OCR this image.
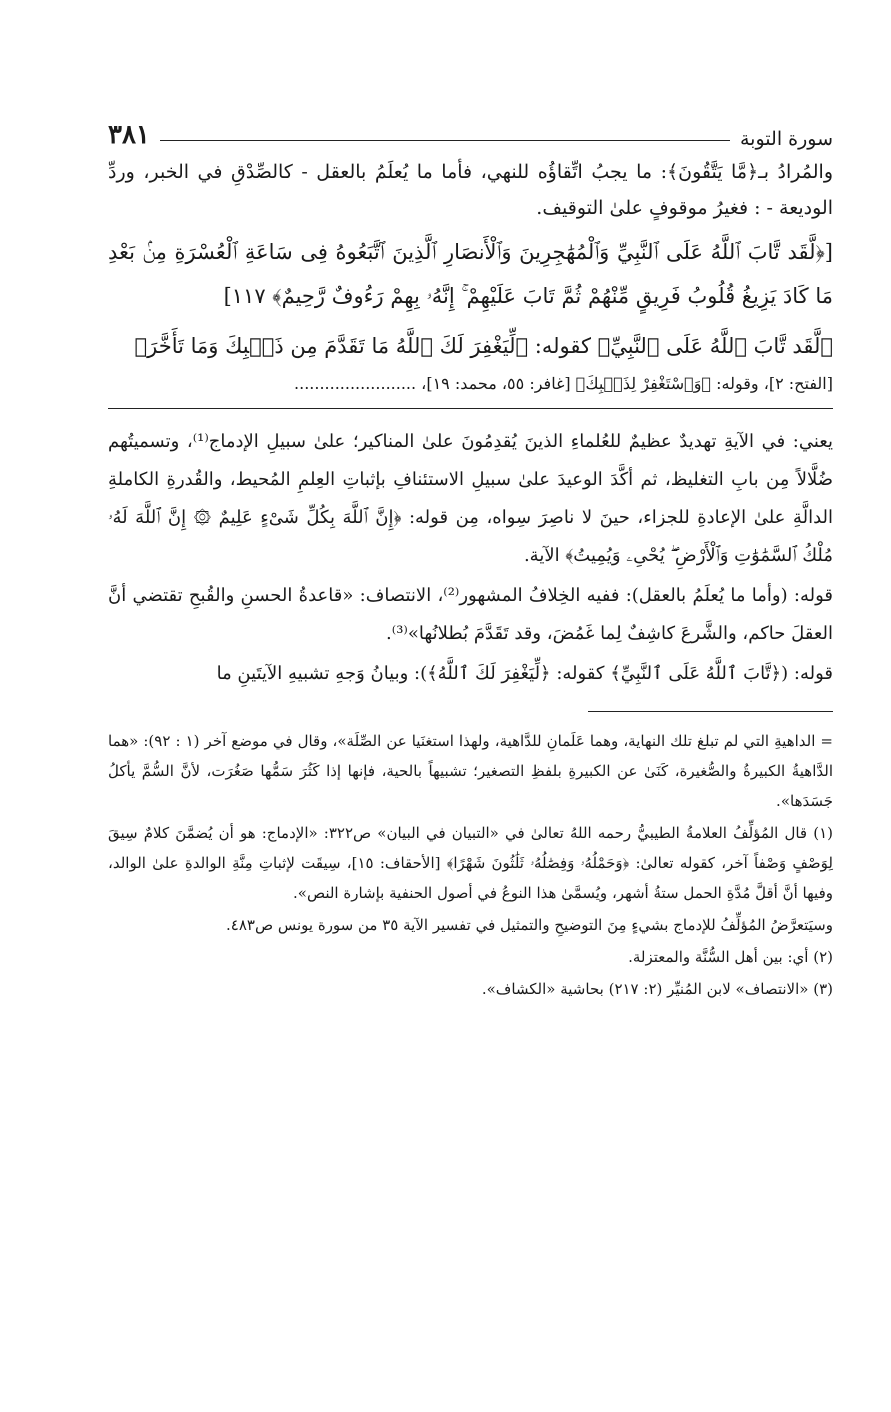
سورة التوبة
٣٨١

والمُرادُ بـ﴿مَّا يَتَّقُونَ﴾: ما يجبُ اتِّقاؤُه للنهي، فأما ما يُعلَمُ بالعقل - كالصِّدْقِ في الخبر، وردِّ الوديعة - : فغيرُ موقوفٍ علىٰ التوقيف.

[﴿لَّقَد تَّابَ ٱللَّهُ عَلَى ٱلنَّبِيِّ وَٱلْمُهَٰجِرِينَ وَٱلْأَنصَارِ ٱلَّذِينَ ٱتَّبَعُوهُ فِى سَاعَةِ ٱلْعُسْرَةِ مِنۢ بَعْدِ مَا كَادَ يَزِيغُ قُلُوبُ فَرِيقٍ مِّنْهُمْ ثُمَّ تَابَ عَلَيْهِمْ ۚ إِنَّهُۥ بِهِمْ رَءُوفٌ رَّحِيمٌ﴾ ١١٧]

﴿لَّقَد تَّابَ ٱللَّهُ عَلَى ٱلنَّبِيِّ﴾ كقوله: ﴿لِّيَغْفِرَ لَكَ ٱللَّهُ مَا تَقَدَّمَ مِن ذَنۢبِكَ وَمَا تَأَخَّرَ﴾

[الفتح: ٢]، وقوله: ﴿وَٱسْتَغْفِرْ لِذَنۢبِكَ﴾ [غافر: ٥٥، محمد: ١٩]، ........................

يعني: في الآيةِ تهديدٌ عظيمٌ للعُلماءِ الذينَ يُقدِمُونَ علىٰ المناكير؛ علىٰ سبيلِ الإدماج⁽¹⁾، وتسميتُهم ضُلَّالاً مِن بابِ التغليظ، ثم أكَّدَ الوعيدَ علىٰ سبيلِ الاستئنافِ بإثباتِ العِلمِ المُحيط، والقُدرةِ الكاملةِ الدالَّةِ علىٰ الإعادةِ للجزاء، حينَ لا ناصِرَ سِواه، مِن قوله: ﴿إِنَّ ٱللَّهَ بِكُلِّ شَىْءٍ عَلِيمٌ ۞ إِنَّ ٱللَّهَ لَهُۥ مُلْكُ ٱلسَّمَٰوَٰتِ وَٱلْأَرْضِ ۖ يُحْىِۦ وَيُمِيتُ﴾ الآية.

قوله: (وأما ما يُعلَمُ بالعقل): ففيه الخِلافُ المشهور⁽²⁾، الانتصاف: «قاعدةُ الحسنِ والقُبحِ تقتضي أنَّ العقلَ حاكم، والشَّرعَ كاشِفٌ لِما غَمُضَ، وقد تَقَدَّمَ بُطلانُها»⁽³⁾.

قوله: (﴿تَّابَ ٱللَّهُ عَلَى ٱلنَّبِيِّ﴾ كقوله: ﴿لِّيَغْفِرَ لَكَ ٱللَّهُ﴾): وبيانُ وَجهِ تشبيهِ الآيتَينِ ما

= الداهيةِ التي لم تبلغ تلك النهاية، وهما عَلَمانِ للدَّاهية، ولهذا استغنَيا عن الصِّلَة»، وقال في موضع آخر (١ : ٩٢): «هما الدَّاهيةُ الكبيرةُ والصُّغيرة، كَنَىٰ عن الكبيرةِ بلفظِ التصغير؛ تشبيهاً بالحية، فإنها إذا كَثُرَ سَمُّها صَغُرَت، لأنَّ السُّمَّ يأكلُ جَسَدَها».

(١) قال المُؤلِّفُ العلامةُ الطيبيُّ رحمه اللهُ تعالىٰ في «التبيان في البيان» ص٣٢٢: «الإدماج: هو أن يُضمَّنَ كلامٌ سِيقَ لِوَصْفٍ وَصْفاً آخر، كقوله تعالىٰ: ﴿وَحَمْلُهُۥ وَفِصَٰلُهُۥ ثَلَٰثُونَ شَهْرًا﴾ [الأحقاف: ١٥]، سِيقَت لإثباتِ مِنَّةِ الوالدةِ علىٰ الوالد، وفيها أنَّ أقلَّ مُدَّةِ الحمل ستةُ أشهر، ويُسمَّىٰ هذا النوعُ في أصول الحنفية بإشارة النص».

وسيَتعرَّضُ المُؤلِّفُ للإدماج بشيءٍ مِنَ التوضيحِ والتمثيل في تفسير الآية ٣٥ من سورة يونس ص٤٨٣.

(٢) أي: بين أهل السُّنَّة والمعتزلة.

(٣) «الانتصاف» لابن المُنيِّر (٢: ٢١٧) بحاشية «الكشاف».
